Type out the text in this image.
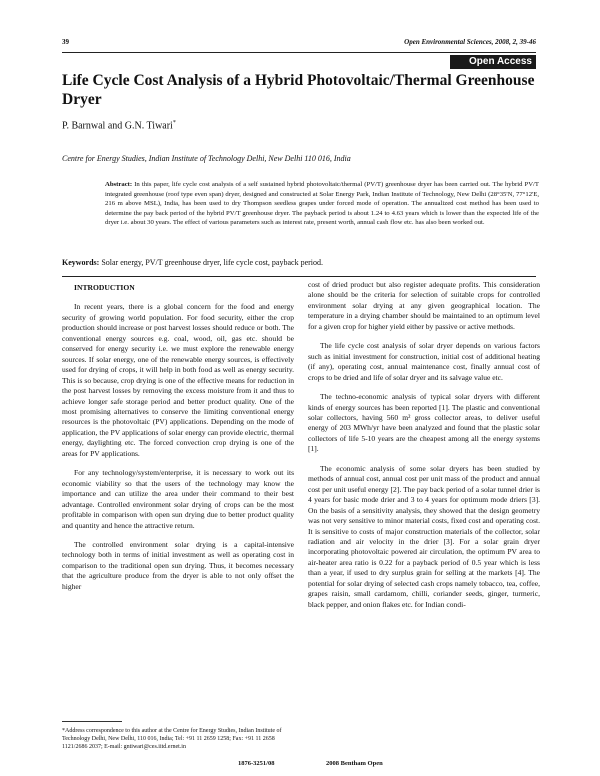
39	Open Environmental Sciences, 2008, 2, 39-46
Open Access
Life Cycle Cost Analysis of a Hybrid Photovoltaic/Thermal Greenhouse Dryer
P. Barnwal and G.N. Tiwari*
Centre for Energy Studies, Indian Institute of Technology Delhi, New Delhi 110 016, India

Abstract: In this paper, life cycle cost analysis of a self sustained hybrid photovoltaic/thermal (PV/T) greenhouse dryer has been carried out. The hybrid PV/T integrated greenhouse (roof type even span) dryer, designed and constructed at Solar Energy Park, Indian Institute of Technology, New Delhi (28°35'N, 77°12'E, 216 m above MSL), India, has been used to dry Thompson seedless grapes under forced mode of operation. The annualized cost method has been used to determine the pay back period of the hybrid PV/T greenhouse dryer. The payback period is about 1.24 to 4.63 years which is lower than the expected life of the dryer i.e. about 30 years. The effect of various parameters such as interest rate, present worth, annual cash flow etc. has also been worked out.

Keywords: Solar energy, PV/T greenhouse dryer, life cycle cost, payback period.

INTRODUCTION

In recent years, there is a global concern for the food and energy security of growing world population. For food security, either the crop production should increase or post harvest losses should reduce or both. The conventional energy sources e.g. coal, wood, oil, gas etc. should be conserved for energy security i.e. we must explore the renewable energy sources. If solar energy, one of the renewable energy sources, is effectively used for drying of crops, it will help in both food as well as energy security. This is so because, crop drying is one of the effective means for reduction in the post harvest losses by removing the excess moisture from it and thus to achieve longer safe storage period and better product quality. One of the most promising alternatives to conserve the limiting conventional energy resources is the photovoltaic (PV) applications. Depending on the mode of application, the PV applications of solar energy can provide electric, thermal energy, daylighting etc. The forced convection crop drying is one of the areas for PV applications.

For any technology/system/enterprise, it is necessary to work out its economic viability so that the users of the technology may know the importance and can utilize the area under their command to their best advantage. Controlled environment solar drying of crops can be the most profitable in comparison with open sun drying due to better product quality and quantity and hence the attractive return.

The controlled environment solar drying is a capital-intensive technology both in terms of initial investment as well as operating cost in comparison to the traditional open sun drying. Thus, it becomes necessary that the agriculture produce from the dryer is able to not only offset the higher

cost of dried product but also register adequate profits. This consideration alone should be the criteria for selection of suitable crops for controlled environment solar drying at any given geographical location. The temperature in a drying chamber should be maintained to an optimum level for a given crop for higher yield either by passive or active methods.

The life cycle cost analysis of solar dryer depends on various factors such as initial investment for construction, initial cost of additional heating (if any), operating cost, annual maintenance cost, finally annual cost of crops to be dried and life of solar dryer and its salvage value etc.

The techno-economic analysis of typical solar dryers with different kinds of energy sources has been reported [1]. The plastic and conventional solar collectors, having 560 m² gross collector areas, to deliver useful energy of 203 MWh/yr have been analyzed and found that the plastic solar collectors of life 5-10 years are the cheapest among all the energy systems [1].

The economic analysis of some solar dryers has been studied by methods of annual cost, annual cost per unit mass of the product and annual cost per unit useful energy [2]. The pay back period of a solar tunnel drier is 4 years for basic mode drier and 3 to 4 years for optimum mode driers [3]. On the basis of a sensitivity analysis, they showed that the design geometry was not very sensitive to minor material costs, fixed cost and operating cost. It is sensitive to costs of major construction materials of the collector, solar radiation and air velocity in the drier [3]. For a solar grain dryer incorporating photovoltaic powered air circulation, the optimum PV area to air-heater area ratio is 0.22 for a payback period of 0.5 year which is less than a year, if used to dry surplus grain for selling at the markets [4]. The potential for solar drying of selected cash crops namely tobacco, tea, coffee, grapes raisin, small cardamom, chilli, coriander seeds, ginger, turmeric, black pepper, and onion flakes etc. for Indian condi-

*Address correspondence to this author at the Centre for Energy Studies, Indian Institute of Technology Delhi, New Delhi, 110 016, India; Tel: +91 11 2659 1258; Fax: +91 11 2658 1121/2686 2037; E-mail: gntiwari@ces.iitd.ernet.in
1876-3251/08	2008 Bentham Open
